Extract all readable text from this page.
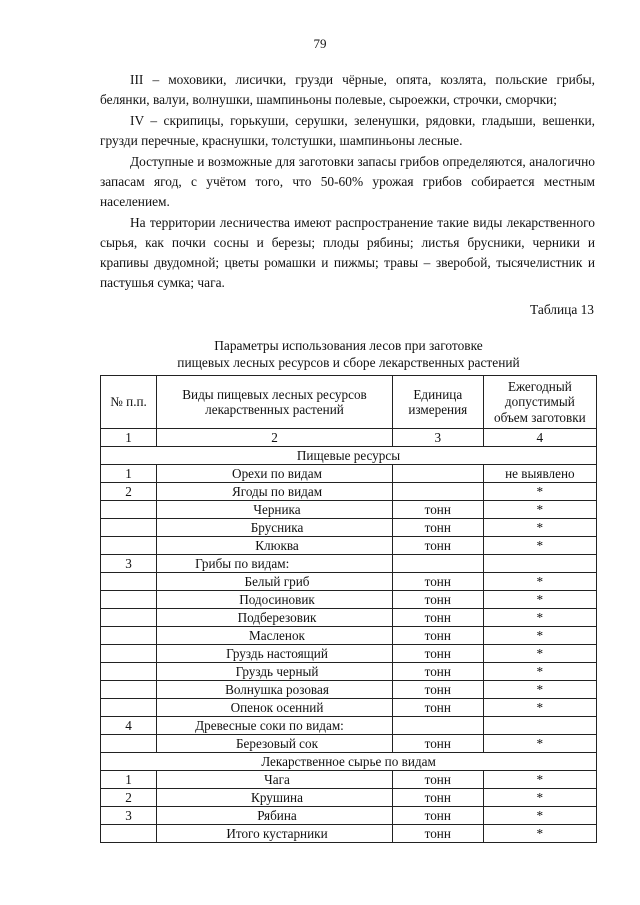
79

III – моховики, лисички, грузди чёрные, опята, козлята, польские грибы, белянки, валуи, волнушки, шампиньоны полевые, сыроежки, строчки, сморчки;

IV – скрипицы, горькуши, серушки, зеленушки, рядовки, гладыши, вешенки, грузди перечные, краснушки, толстушки, шампиньоны лесные.

Доступные и возможные для заготовки запасы грибов определяются, аналогично запасам ягод, с учётом того, что 50-60% урожая грибов собирается местным населением.

На территории лесничества имеют распространение такие виды лекарственного сырья, как почки сосны и березы; плоды рябины; листья брусники, черники и крапивы двудомной; цветы ромашки и пижмы; травы – зверобой, тысячелистник и пастушья сумка; чага.

Таблица 13
Параметры использования лесов при заготовке
пищевых лесных ресурсов и сборе лекарственных растений
№ п.п.	Виды пищевых лесных ресурсов лекарственных растений	Единица измерения	Ежегодный допустимый объем заготовки
1	2	3	4
Пищевые ресурсы			
1	Орехи по видам		не выявлено
2	Ягоды по видам		*
	Черника	тонн	*
	Брусника	тонн	*
	Клюква	тонн	*
3	Грибы по видам:		
	Белый гриб	тонн	*
	Подосиновик	тонн	*
	Подберезовик	тонн	*
	Масленок	тонн	*
	Груздь настоящий	тонн	*
	Груздь черный	тонн	*
	Волнушка розовая	тонн	*
	Опенок осенний	тонн	*
4	Древесные соки по видам:		
	Березовый сок	тонн	*
Лекарственное сырье по видам			
1	Чага	тонн	*
2	Крушина	тонн	*
3	Рябина	тонн	*
	Итого кустарники	тонн	*
